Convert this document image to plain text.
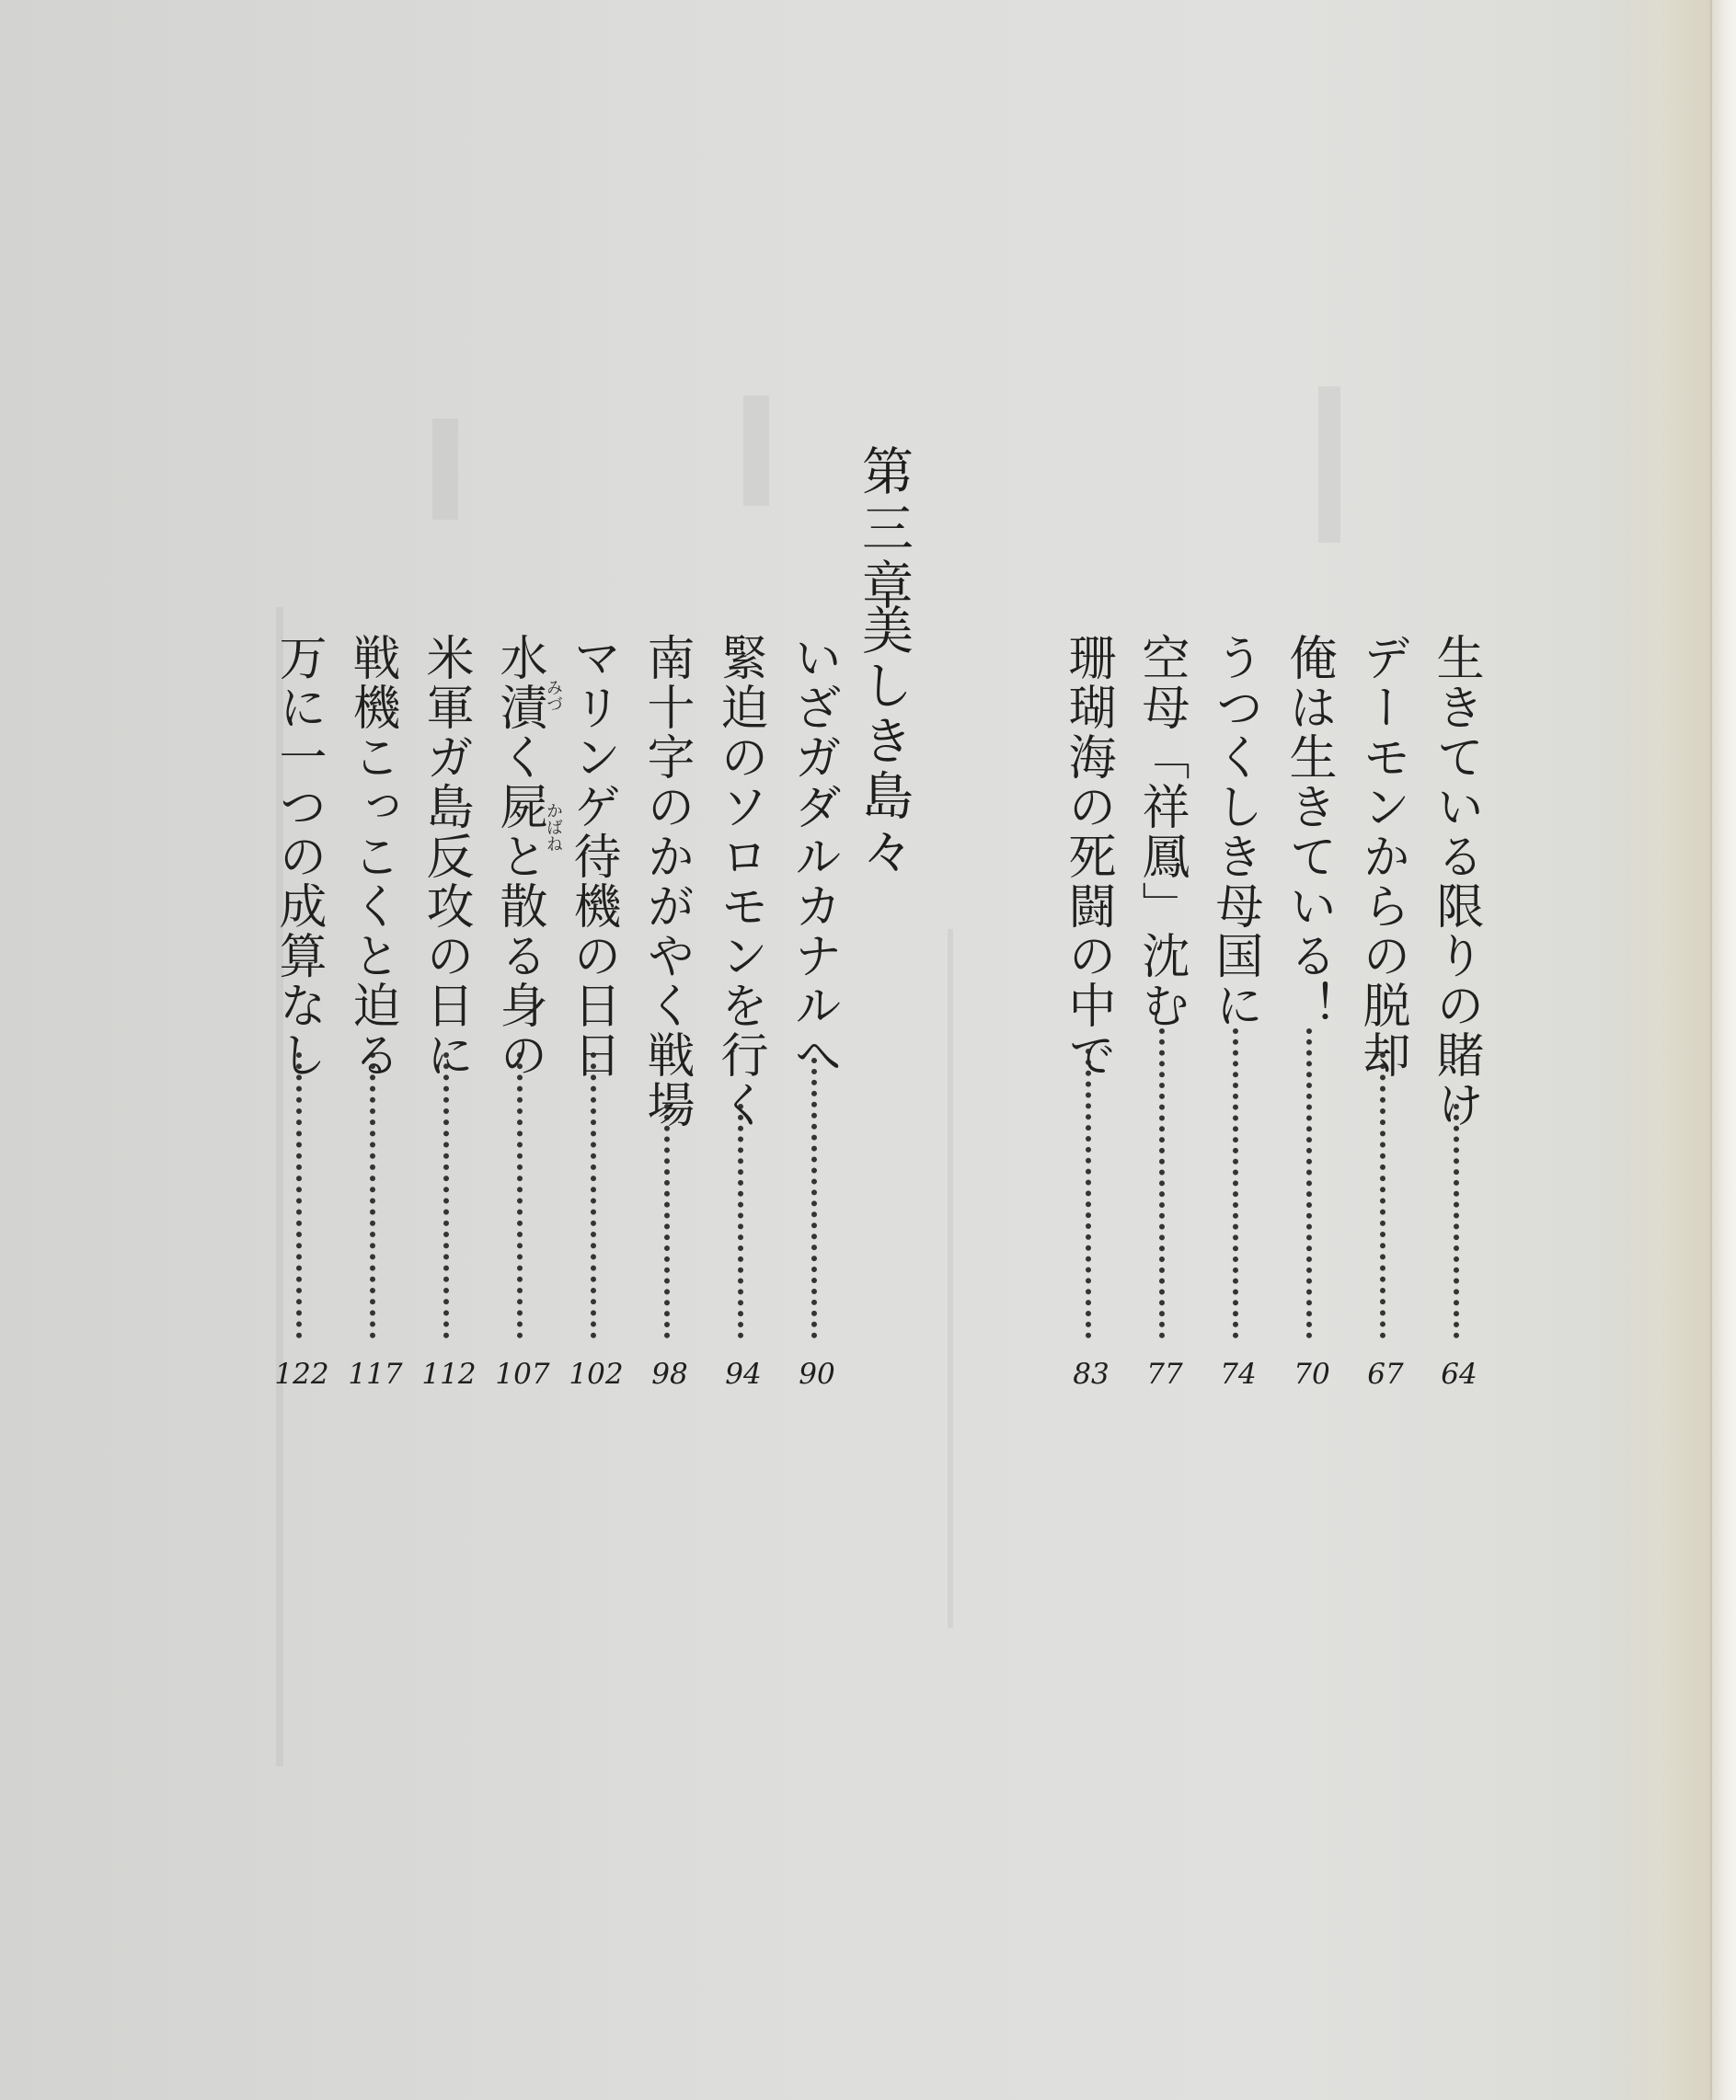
第三章
美しき島々	生きている限りの賭け
64
デーモンからの脱却
67
俺は生きている！
70
うつくしき母国に
74
空母「祥鳳」沈む
77
珊瑚海の死闘の中で
83
いざガダルカナルへ
90
緊迫のソロモンを行く
94
南十字のかがやく戦場
98
マリンゲ待機の日日
102
水漬く屍と散る身の
107
米軍ガ島反攻の日に
112
戦機こっこくと迫る
117
万に一つの成算なし
122
みづ
かばね
